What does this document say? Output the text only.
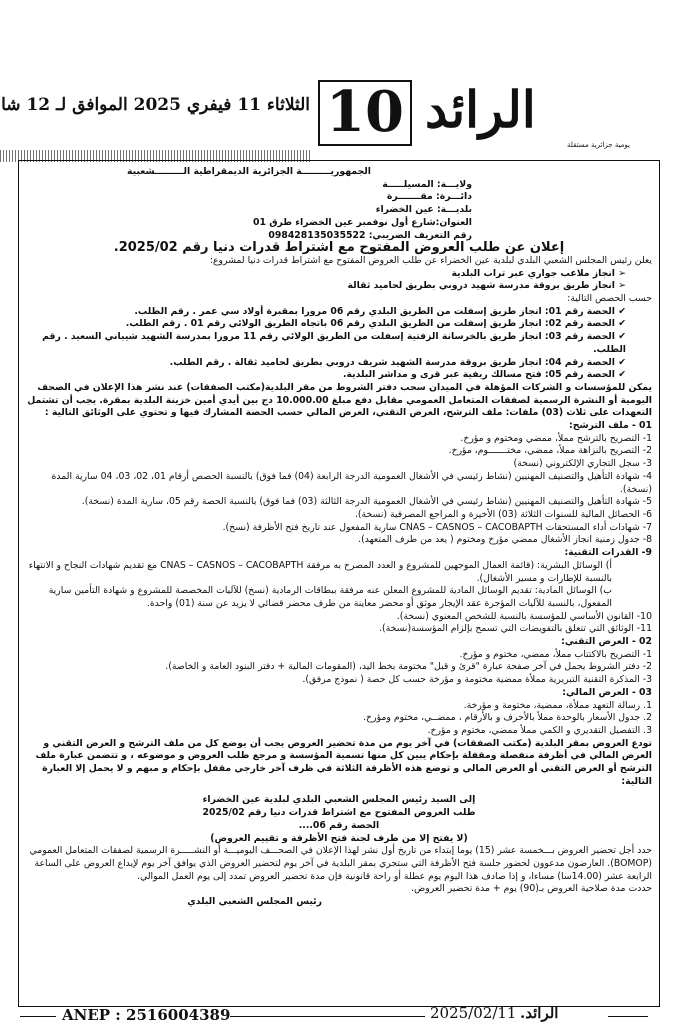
الثلاثاء 11 فيفري 2025 الموافق لـ 12 شا 10 الرائد
يومية جزائرية مستقلة

الجمهوريـــــــــة الجزائرية الديمقراطية الـــــــــشعبية

ولايـــة: المسيلـــــة

دائـــرة: مقـــــــرة

بلديـــة: عين الخضراء

العنوان:شارع أول نوفمبر عين الخضراء طرق 01

رقم التعريف الضريبي: 098428135035522

إعلان عن طلب العروض المفتوح مع اشتراط قدرات دنيا رقم 2025/02.

يعلن رئيس المجلس الشعبي البلدي لبلدية عين الخضراء عن طلب العروض المفتوح مع اشتراط قدرات دنيا لمشروع:

➢ انجاز ملاعب جواري عبر تراب البلدية

➢ انجاز طريق بروقة مدرسة شهيد دروبي بطريق لحاميد ثقالة

حسب الحصص التالية:

✔ الحصة رقم 01: انجاز طريق إسفلت من الطريق البلدي رقم 06 مرورا بمقبرة أولاد سي عمر . رقم الطلب.

✔ الحصة رقم 02: انجاز طريق إسفلت من الطريق البلدي رقم 06 باتجاه الطريق الولائي رقم 01 . رقم الطلب.

✔ الحصة رقم 03: انجاز طريق بالخرسانة الزفتية إسفلت من الطريق الولائي رقم 11 مرورا بمدرسة الشهيد شيباني السعيد . رقم الطلب.

✔ الحصة رقم 04: انجاز طريق بروقة مدرسة الشهيد شريف دروبي بطريق لحاميد ثقالة . رقم الطلب.

✔ الحصة رقم 05: فتح مسالك ريفية عبر قرى و مداشر البلدية.

يمكن للمؤسسات و الشركات المؤهلة في الميدان سحب دفتر الشروط من مقر البلدية(مكتب الصفقات) عند نشر هذا الإعلان في الصحف اليومية أو النشرة الرسمية لصفقات المتعامل العمومي مقابل دفع مبلغ 10.000.00 دج بين أيدي أمين خزينة البلدية بمقرة. يجب أن تشتمل التعهدات على ثلاث (03) ملفات: ملف الترشح، العرض التقني، العرض المالي حسب الحصة المشارك فيها و تحتوي على الوثائق التالية :

01 - ملف الترشح:

1- التصريح بالترشح مملأ، ممضي ومختوم و مؤرخ.

2- التصريح بالنزاهة مملأ، ممضي، مختـــــــوم، مؤرخ.

3- سجل التجاري الإلكتروني (نسخة)

4- شهادة التأهيل والتصنيف المهنيين (نشاط رئيسي في الأشغال العمومية الدرجة الرابعة (04) فما فوق) بالنسبة الحصص أرقام 01، 02، 03، 04 سارية المدة (نسخة).

5- شهادة التأهيل والتصنيف المهنيين (نشاط رئيسي في الأشغال العمومية الدرجة الثالثة (03) فما فوق) بالنسبة الحصة رقم 05، سارية المدة (نسخة).

6- الحصائل المالية للسنوات الثلاثة (03) الأخيرة و المراجع المصرفية (نسخة).

7- شهادات أداء المستحقات CNAS – CASNOS – CACOBAPTH سارية المفعول عند تاريخ فتح الأظرفة (نسخ).

8- جدول زمنية انجاز الأشغال ممضي مؤرخ ومختوم ( يعد من طرف المتعهد).

9- القدرات التقنية:

أ) الوسائل البشرية: (قائمة العمال الموجهين للمشروع و العدد المصرح به مرفقة CNAS – CASNOS – CACOBAPTH مع تقديم شهادات النجاح و الانتهاء بالنسبة للإطارات و مسير الأشغال).

ب) الوسائل المادية: تقديم الوسائل المادية للمشروع المعلن عنه مرفقة ببطاقات الرمادية (نسخ) للآليات المخصصة للمشروع و شهادة التأمين سارية المفعول، بالنسبة للآليات المؤجرة عقد الإيجار موثق أو محضر معاينة من طرف محضر قضائي لا يزيد عن سنة (01) واحدة.

10- القانون الأساسي للمؤسسة بالنسبة للشخص المعنوي (نسخة).

11- الوثائق التي تتعلق بالتفويضات التي تسمح بإلزام المؤسسة(نسخة).

02 - العرض التقني:

1- التصريح بالاكتتاب مملأ، ممضي، مختوم و مؤرخ.

2- دفتر الشروط يحمل في آخر صفحة عبارة "قرئ و قبل" مختومة بخط اليد، (المقومات المالية + دفتر البنود العامة و الخاصة).

3- المذكرة التقنية التبريرية مملأة ممضية مختومة و مؤرخة حسب كل حصة ( نموذج مرفق).

03 - العرض المالي:

1. رسالة التعهد مملأة، ممضية، مختومة و مؤرخة.

2. جدول الأسعار بالوحدة مملأ بالأحرف و بالأرقام ، ممضــي، مختوم ومؤرخ.

3. التفصيل التقديري و الكمي مملأ ممضي، مختوم و مؤرخ.

تودع العروض بمقر البلدية (مكتب الصفقات) في آخر يوم من مدة تحضير العروض يجب أن يوضع كل من ملف الترشح و العرض التقني و العرض المالي في أظرفة منفصلة ومقفلة بإحكام يبين كل منها تسمية المؤسسة و مرجع طلب العروض و موضوعه ، و تتضمن عبارة ملف الترشح أو العرض التقني أو العرض المالي و توضع هذه الأظرفة الثلاثة في ظرف آخر خارجي مقفل بإحكام و مبهم و لا يحمل إلا العبارة التالية:

إلى السيد رئيس المجلس الشعبي البلدي لبلدية عين الخضراء

طلب العروض المفتوح مع اشتراط قدرات دنيا رقم 2025/02

الحصة رقم 06....

(لا يفتح إلا من طرف لجنة فتح الأظرفة و تقييم العروض)

حدد أجل تحضير العروض بـــخمسة عشر (15) يوما إبتداء من تاريخ أول نشر لهذا الإعلان في الصحـــف اليوميـــة أو النشـــــرة الرسمية لصفقات المتعامل العمومي (BOMOP). العارضون مدعوون لحضور جلسة فتح الأظرفة التي ستجري بمقر البلدية في آخر يوم لتحضير العروض الذي يوافق آخر يوم لإيداع العروض على الساعة الرابعة عشر (14.00سا) مساءا، و إذا صادف هذا اليوم يوم عطلة أو راحة قانونية فإن مدة تحضير العروض تمدد إلى يوم العمل الموالي.

حددت مدة صلاحية العروض بـ(90) يوم + مدة تحضير العروض.

رئيس المجلس الشعبي البلدي

ANEP : 2516004389	2025/02/11 الرائد.
